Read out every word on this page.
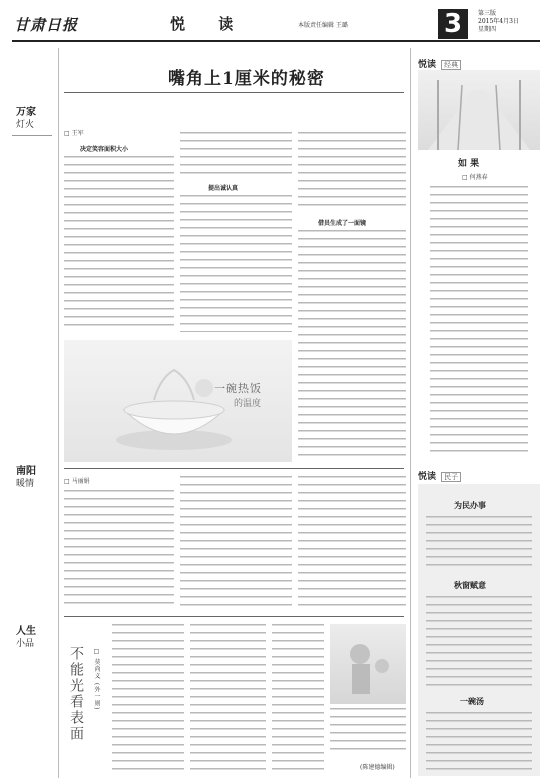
甘肃日报	悦 读	本版责任编辑 王璐	3	第三版
2015年4月3日
星期四
万家
灯火
南阳
暖情
人生
小品
嘴角上1厘米的秘密
□ 王军
决定笑容面积大小
提出诚认真
借员生成了一面镜
一碗热饭
的温度
□ 马丽娟
不能光看表面	□ 莫尚义 (外一则)
(陈建德编辑)
悦读 经典
如 果
□ 何燕春
悦读 民子
为民办事
秋窗赋意
一碗汤
